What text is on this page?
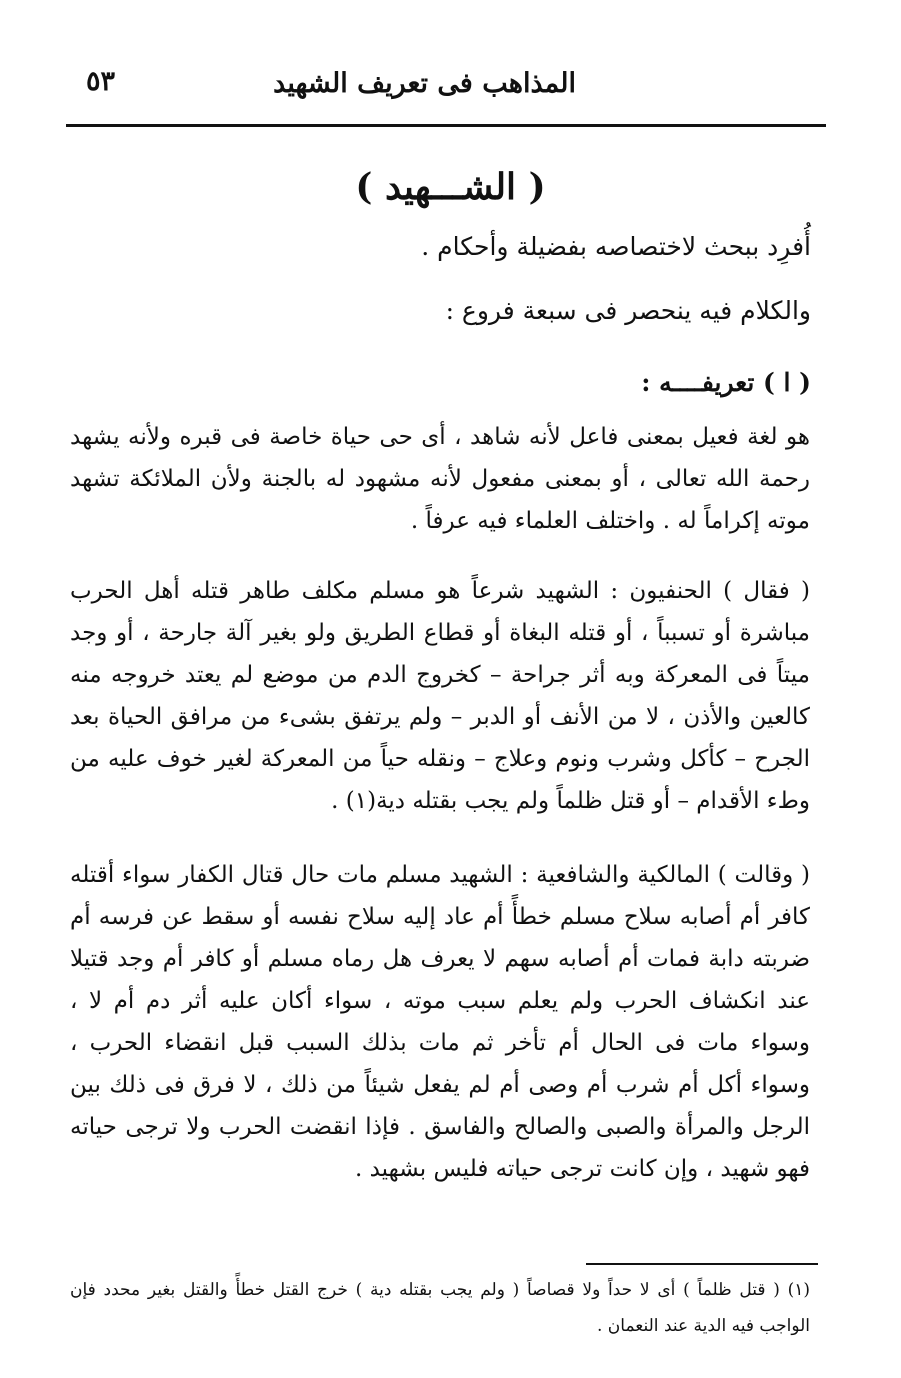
المذاهب فى تعريف الشهيد
٥٣
( الشـــهيد )
أُفرِد ببحث لاختصاصه بفضيلة وأحكام .
والكلام فيه ينحصر فى سبعة فروع :
( ا ) تعريفــــه :

هو لغة فعيل بمعنى فاعل لأنه شاهد ، أى حى حياة خاصة فى قبره ولأنه يشهد رحمة الله تعالى ، أو بمعنى مفعول لأنه مشهود له بالجنة ولأن الملائكة تشهد موته إكراماً له . واختلف العلماء فيه عرفاً .

( فقال ) الحنفيون : الشهيد شرعاً هو مسلم مكلف طاهر قتله أهل الحرب مباشرة أو تسبباً ، أو قتله البغاة أو قطاع الطريق ولو بغير آلة جارحة ، أو وجد ميتاً فى المعركة وبه أثر جراحة – كخروج الدم من موضع لم يعتد خروجه منه كالعين والأذن ، لا من الأنف أو الدبر – ولم يرتفق بشىء من مرافق الحياة بعد الجرح – كأكل وشرب ونوم وعلاج – ونقله حياً من المعركة لغير خوف عليه من وطء الأقدام – أو قتل ظلماً ولم يجب بقتله دية(١) .

( وقالت ) المالكية والشافعية : الشهيد مسلم مات حال قتال الكفار سواء أقتله كافر أم أصابه سلاح مسلم خطأً أم عاد إليه سلاح نفسه أو سقط عن فرسه أم ضربته دابة فمات أم أصابه سهم لا يعرف هل رماه مسلم أو كافر أم وجد قتيلا عند انكشاف الحرب ولم يعلم سبب موته ، سواء أكان عليه أثر دم أم لا ، وسواء مات فى الحال أم تأخر ثم مات بذلك السبب قبل انقضاء الحرب ، وسواء أكل أم شرب أم وصى أم لم يفعل شيئاً من ذلك ، لا فرق فى ذلك بين الرجل والمرأة والصبى والصالح والفاسق . فإذا انقضت الحرب ولا ترجى حياته فهو شهيد ، وإن كانت ترجى حياته فليس بشهيد .

(١) ( قتل ظلماً ) أى لا حداً ولا قصاصاً ( ولم يجب بقتله دية ) خرج القتل خطأً والقتل بغير محدد فإن الواجب فيه الدية عند النعمان .
